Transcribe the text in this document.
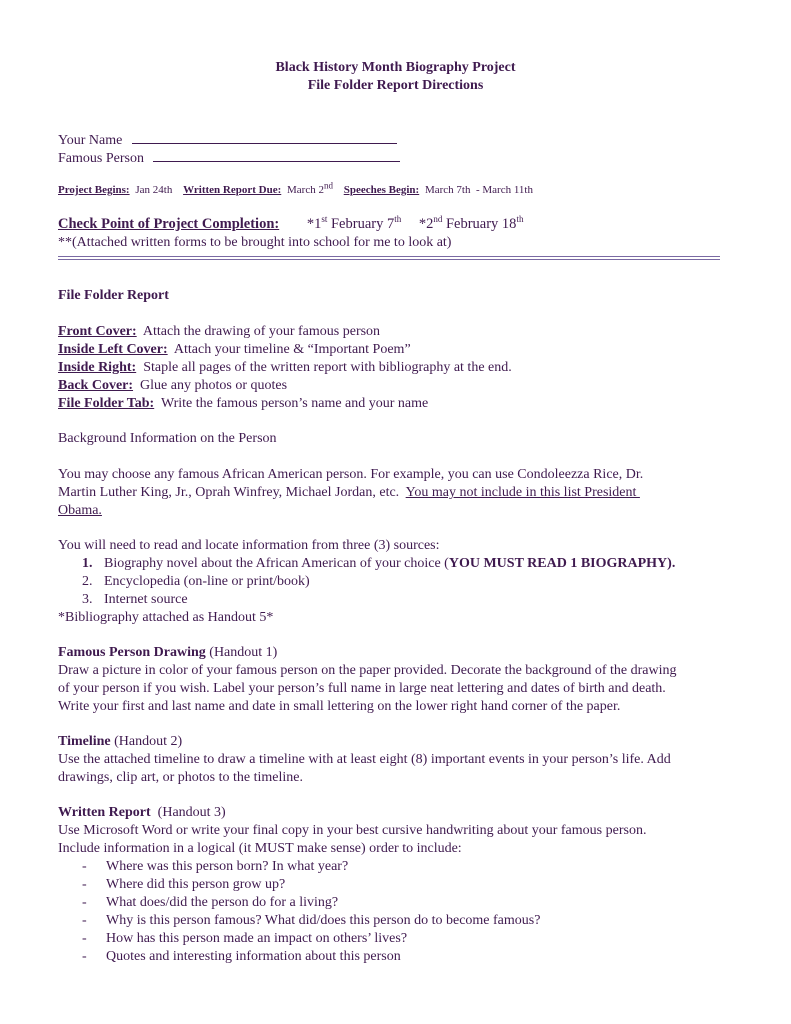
Black History Month Biography Project
File Folder Report Directions
Your Name
Famous Person
Project Begins: Jan 24th Written Report Due: March 2nd Speeches Begin: March 7th  - March 11th
Check Point of Project Completion: *1st February 7th *2nd February 18th
**(Attached written forms to be brought into school for me to look at)
File Folder Report
Front Cover:  Attach the drawing of your famous person
Inside Left Cover:  Attach your timeline & “Important Poem”
Inside Right:  Staple all pages of the written report with bibliography at the end.
Back Cover:  Glue any photos or quotes
File Folder Tab:  Write the famous person’s name and your name
Background Information on the Person
You may choose any famous African American person. For example, you can use Condoleezza Rice, Dr.
Martin Luther King, Jr., Oprah Winfrey, Michael Jordan, etc.  You may not include in this list President
Obama.
You will need to read and locate information from three (3) sources:
1. Biography novel about the African American of your choice (YOU MUST READ 1 BIOGRAPHY).
2. Encyclopedia (on-line or print/book)
3. Internet source
*Bibliography attached as Handout 5*
Famous Person Drawing (Handout 1)
Draw a picture in color of your famous person on the paper provided. Decorate the background of the drawing
of your person if you wish. Label your person’s full name in large neat lettering and dates of birth and death.
Write your first and last name and date in small lettering on the lower right hand corner of the paper.
Timeline (Handout 2)
Use the attached timeline to draw a timeline with at least eight (8) important events in your person’s life. Add
drawings, clip art, or photos to the timeline.
Written Report  (Handout 3)
Use Microsoft Word or write your final copy in your best cursive handwriting about your famous person.
Include information in a logical (it MUST make sense) order to include:
- Where was this person born? In what year?
- Where did this person grow up?
- What does/did the person do for a living?
- Why is this person famous? What did/does this person do to become famous?
- How has this person made an impact on others’ lives?
- Quotes and interesting information about this person
